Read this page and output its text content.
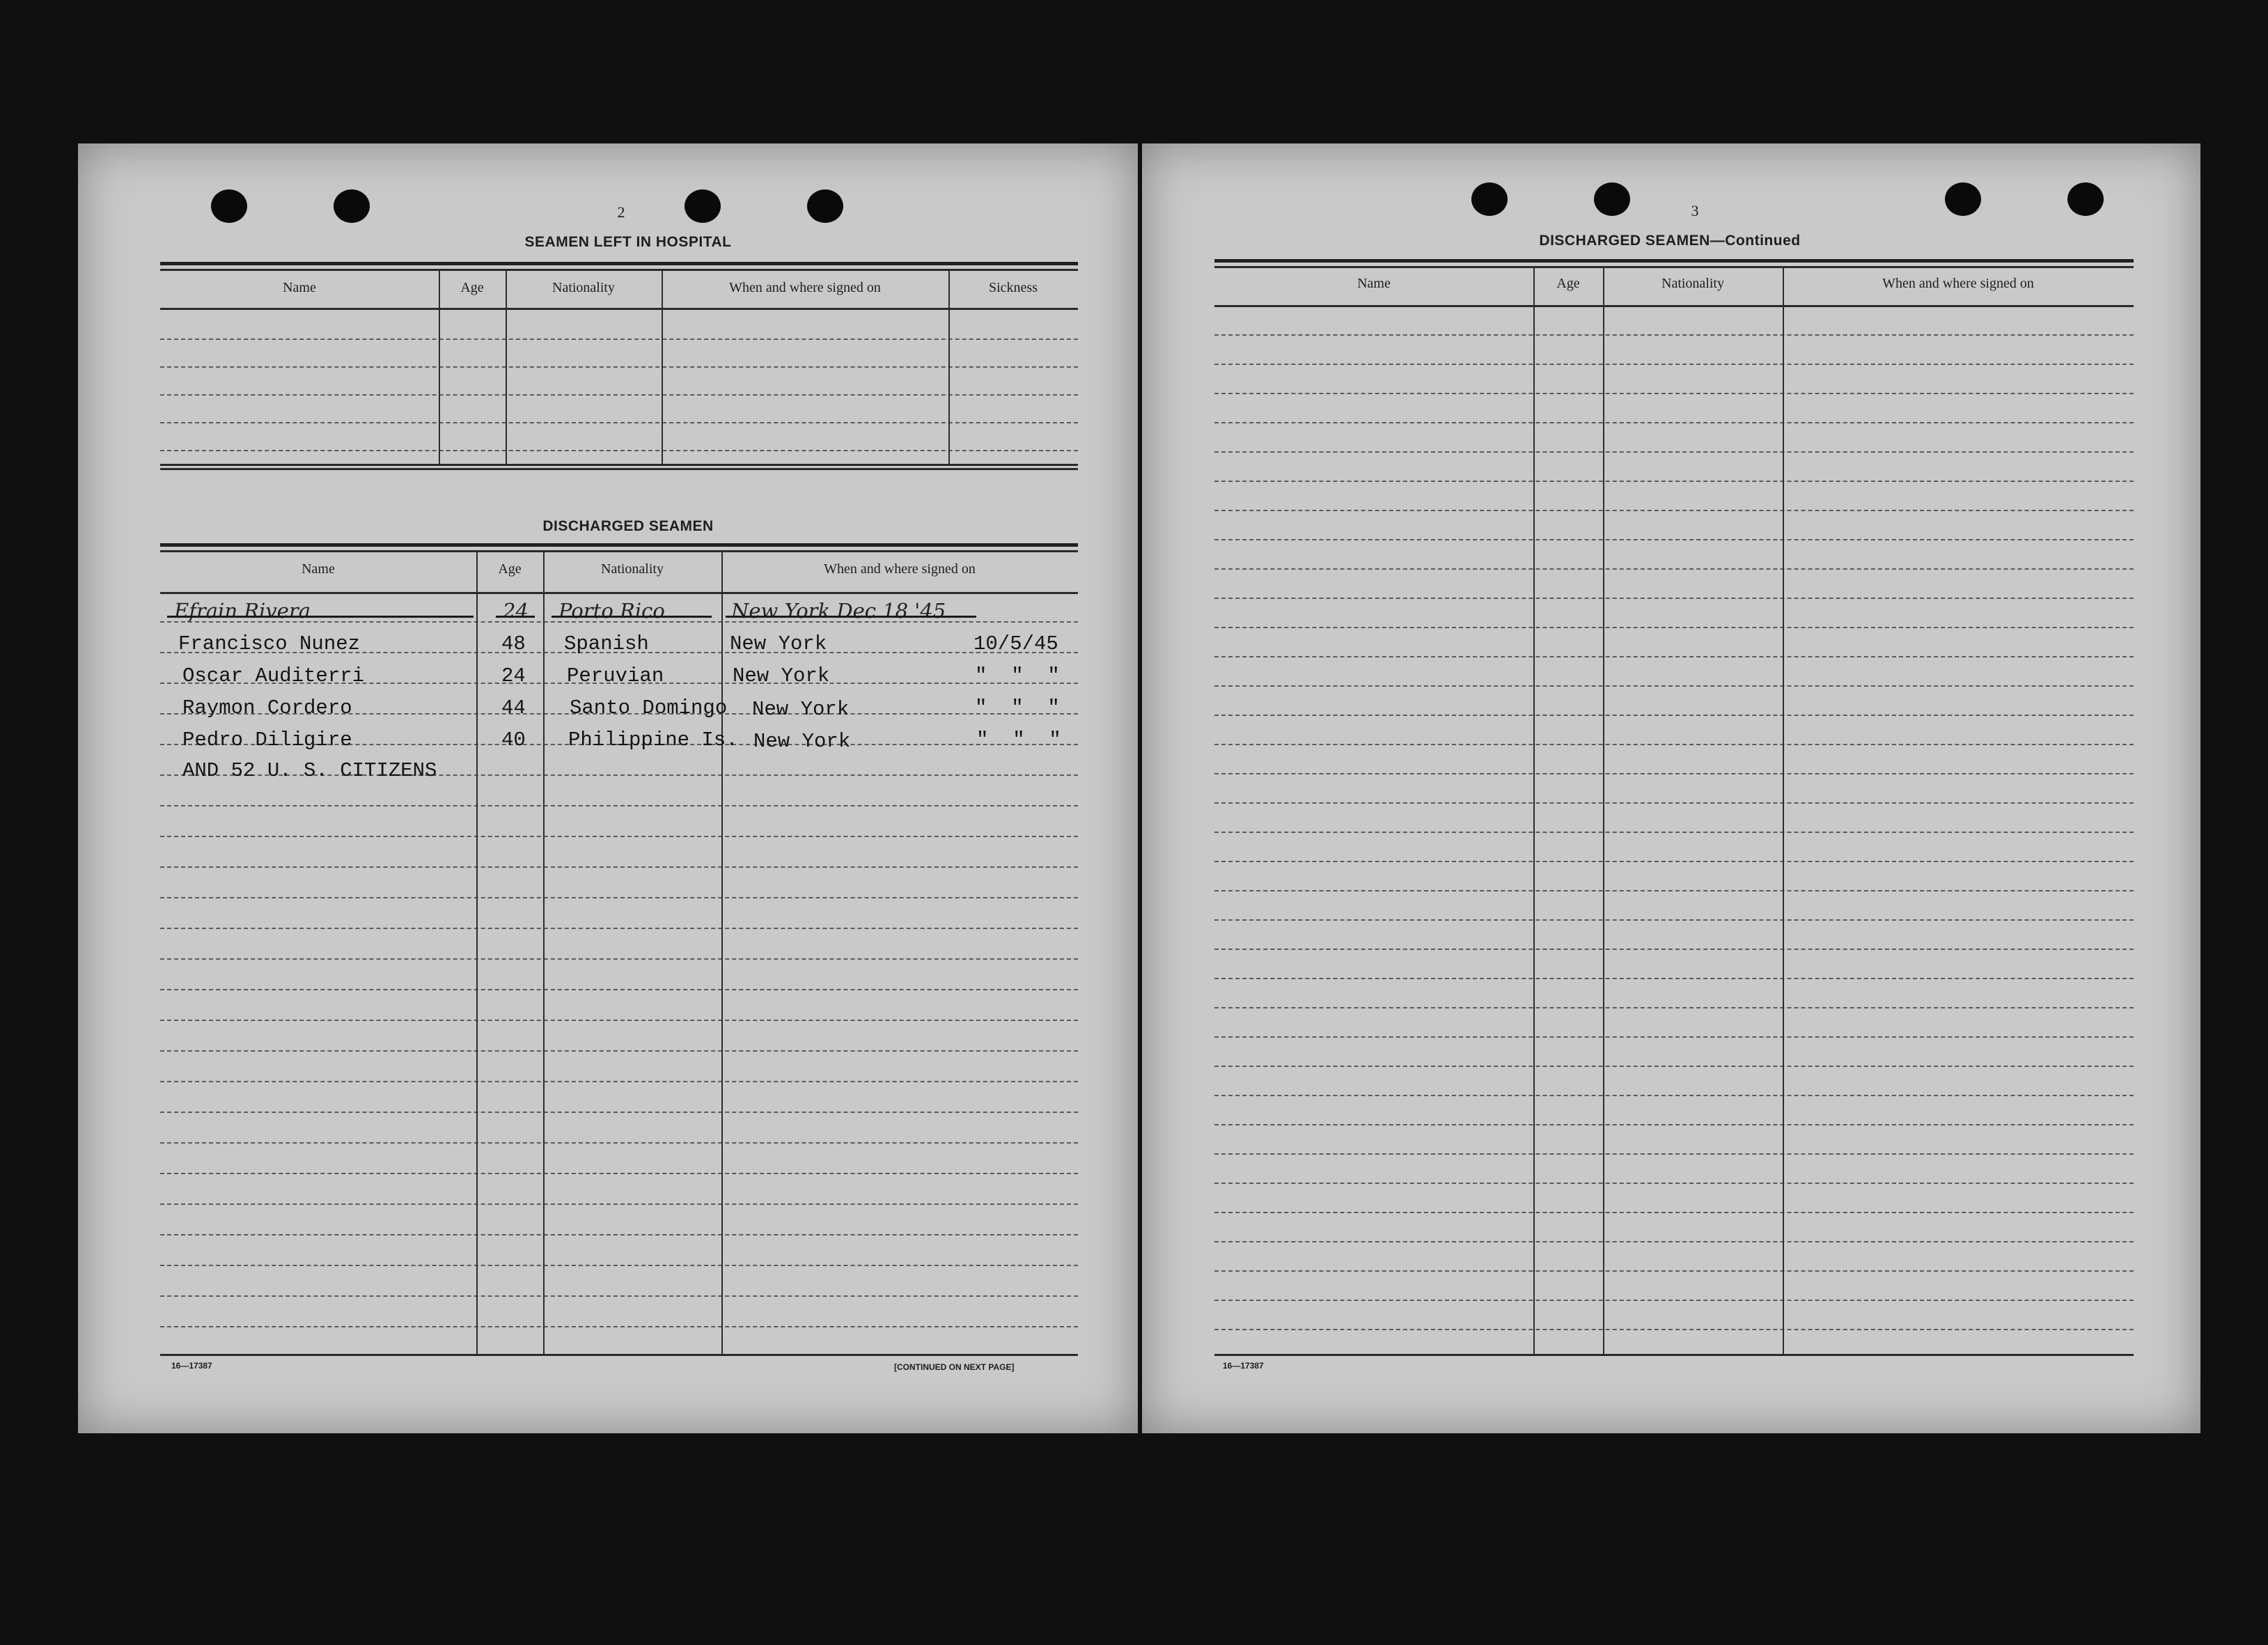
2
SEAMEN LEFT IN HOSPITAL
Name	Age	Nationality	When and where signed on	Sickness
DISCHARGED SEAMEN
Name	Age	Nationality	When and where signed on
Efrain Rivera	24 Porto Rico	New York Dec 18 '45
Francisco Nunez	48 Spanish	New York	10/5/45
Oscar Auditerri	24 Peruvian	New York	"  "  "
Raymon Cordero	44 Santo Domingo New York	"  "  "
Pedro Diligire	40 Philippine Is. New York	"  "  "
AND 52 U. S. CITIZENS
16—17387	[CONTINUED ON NEXT PAGE]
3
DISCHARGED SEAMEN—Continued
Name	Age	Nationality	When and where signed on
16—17387
